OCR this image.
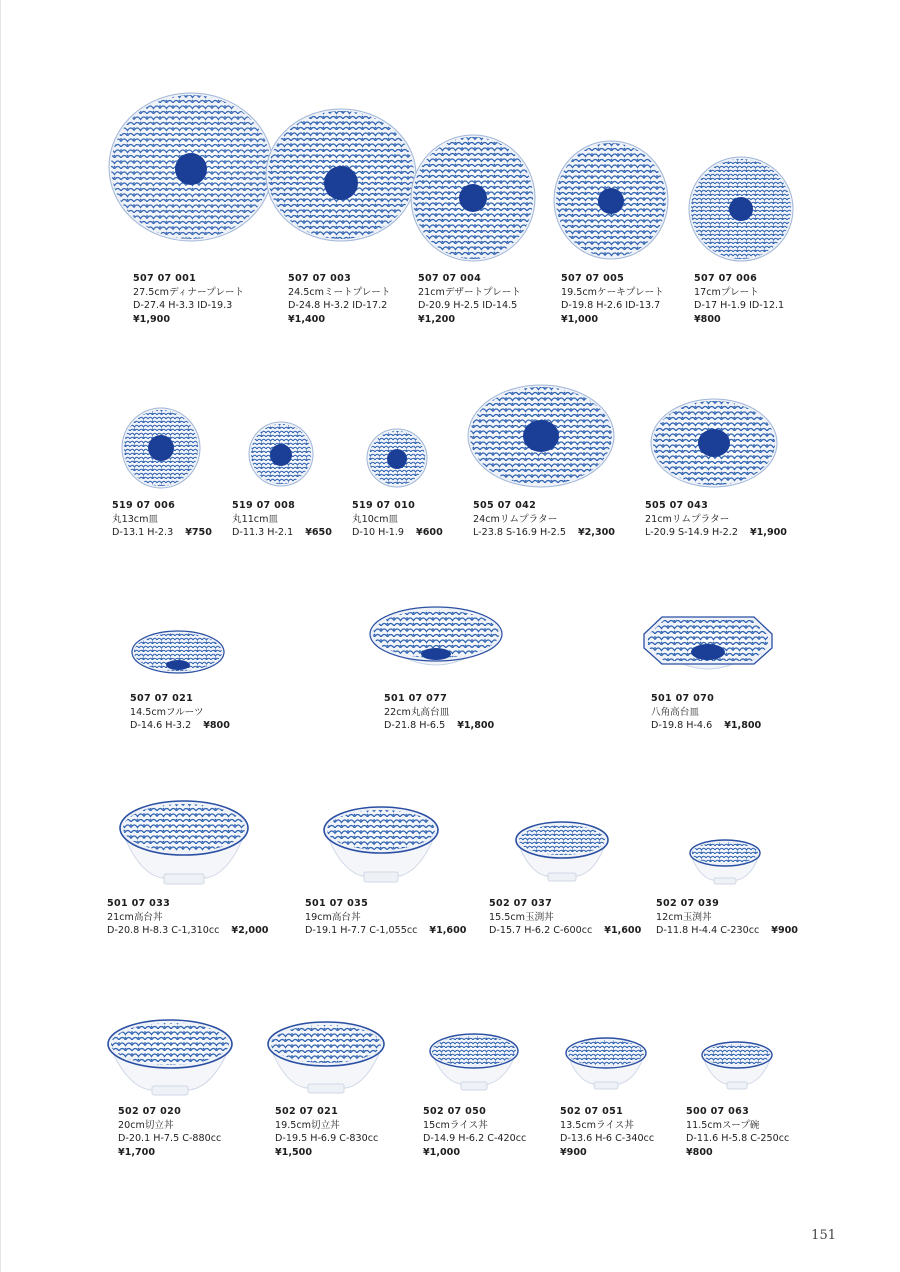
507 07 001
27.5cmディナープレート
D-27.4 H-3.3 ID-19.3
¥1,900
507 07 003
24.5cmミートプレート
D-24.8 H-3.2 ID-17.2
¥1,400
507 07 004
21cmデザートプレート
D-20.9 H-2.5 ID-14.5
¥1,200
507 07 005
19.5cmケーキプレート
D-19.8 H-2.6 ID-13.7
¥1,000
507 07 006
17cmプレート
D-17 H-1.9 ID-12.1
¥800
519 07 006
丸13cm皿
D-13.1 H-2.3 ¥750
519 07 008
丸11cm皿
D-11.3 H-2.1 ¥650
519 07 010
丸10cm皿
D-10 H-1.9 ¥600
505 07 042
24cmリムプラター
L-23.8 S-16.9 H-2.5 ¥2,300
505 07 043
21cmリムプラター
L-20.9 S-14.9 H-2.2 ¥1,900
507 07 021
14.5cmフルーツ
D-14.6 H-3.2 ¥800
501 07 077
22cm丸高台皿
D-21.8 H-6.5 ¥1,800
501 07 070
八角高台皿
D-19.8 H-4.6 ¥1,800
501 07 033
21cm高台丼
D-20.8 H-8.3 C-1,310cc ¥2,000
501 07 035
19cm高台丼
D-19.1 H-7.7 C-1,055cc ¥1,600
502 07 037
15.5cm玉渕丼
D-15.7 H-6.2 C-600cc ¥1,600
502 07 039
12cm玉渕丼
D-11.8 H-4.4 C-230cc ¥900
502 07 020
20cm切立丼
D-20.1 H-7.5 C-880cc
¥1,700
502 07 021
19.5cm切立丼
D-19.5 H-6.9 C-830cc
¥1,500
502 07 050
15cmライス丼
D-14.9 H-6.2 C-420cc
¥1,000
502 07 051
13.5cmライス丼
D-13.6 H-6 C-340cc
¥900
500 07 063
11.5cmスープ碗
D-11.6 H-5.8 C-250cc
¥800
151
